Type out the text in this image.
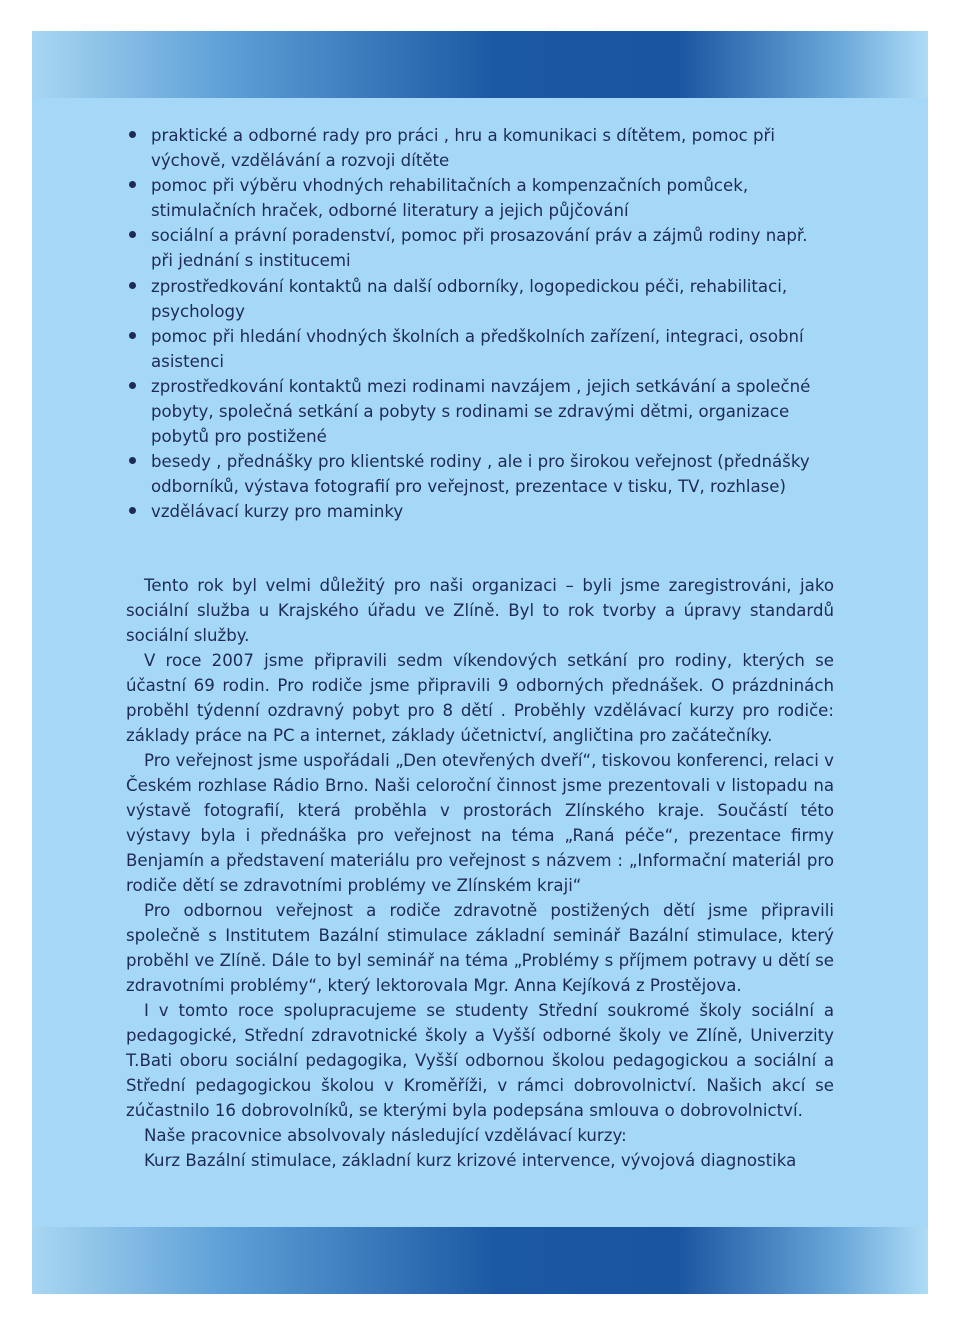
praktické a odborné rady pro práci , hru a komunikaci s dítětem, pomoc při výchově, vzdělávání a rozvoji dítěte
pomoc při výběru vhodných rehabilitačních a kompenzačních pomůcek, stimulačních hraček, odborné literatury a jejich půjčování
sociální a právní poradenství, pomoc při prosazování práv a zájmů rodiny např. při jednání s institucemi
zprostředkování kontaktů na další odborníky, logopedickou péči, rehabilitaci, psychology
pomoc při hledání vhodných školních a předškolních zařízení, integraci, osobní asistenci
zprostředkování kontaktů mezi rodinami navzájem , jejich setkávání a společné pobyty, společná setkání a pobyty s rodinami se zdravými dětmi, organizace pobytů pro postižené
besedy , přednášky pro klientské rodiny , ale i pro širokou veřejnost (přednášky odborníků, výstava fotografií pro veřejnost, prezentace v tisku, TV, rozhlase)
vzdělávací kurzy pro maminky

Tento rok byl velmi důležitý pro naši organizaci – byli jsme zaregistrováni, jako sociální služba u Krajského úřadu ve Zlíně. Byl to rok tvorby a úpravy standardů sociální služby.

V roce 2007 jsme připravili sedm víkendových setkání pro rodiny, kterých se účastní 69 rodin. Pro rodiče jsme připravili 9 odborných přednášek. O prázdninách proběhl týdenní ozdravný pobyt pro 8 dětí . Proběhly vzdělávací kurzy pro rodiče: základy práce na PC a internet, základy účetnictví, angličtina pro začátečníky.

Pro veřejnost jsme uspořádali „Den otevřených dveří“, tiskovou konferenci, relaci v Českém rozhlase Rádio Brno. Naši celoroční činnost jsme prezentovali v listopadu na výstavě fotografií, která proběhla v prostorách Zlínského kraje. Součástí této výstavy byla i přednáška pro veřejnost na téma „Raná péče“, prezentace firmy Benjamín a představení materiálu pro veřejnost s názvem : „Informační materiál pro rodiče dětí se zdravotními problémy ve Zlínském kraji“

Pro odbornou veřejnost a rodiče zdravotně postižených dětí jsme připravili společně s Institutem Bazální stimulace základní seminář Bazální stimulace, který proběhl ve Zlíně. Dále to byl seminář na téma „Problémy s příjmem potravy u dětí se zdravotními problémy“, který lektorovala Mgr. Anna Kejíková z Prostějova.

I v tomto roce spolupracujeme se studenty Střední soukromé školy sociální a pedagogické, Střední zdravotnické školy a Vyšší odborné školy ve Zlíně, Univerzity T.Bati oboru sociální pedagogika, Vyšší odbornou školou pedagogickou a sociální a Střední pedagogickou školou v Kroměříži, v rámci dobrovolnictví. Našich akcí se zúčastnilo 16 dobrovolníků, se kterými byla podepsána smlouva o dobrovolnictví.

Naše pracovnice absolvovaly následující vzdělávací kurzy:

Kurz Bazální stimulace, základní kurz krizové intervence, vývojová diagnostika
